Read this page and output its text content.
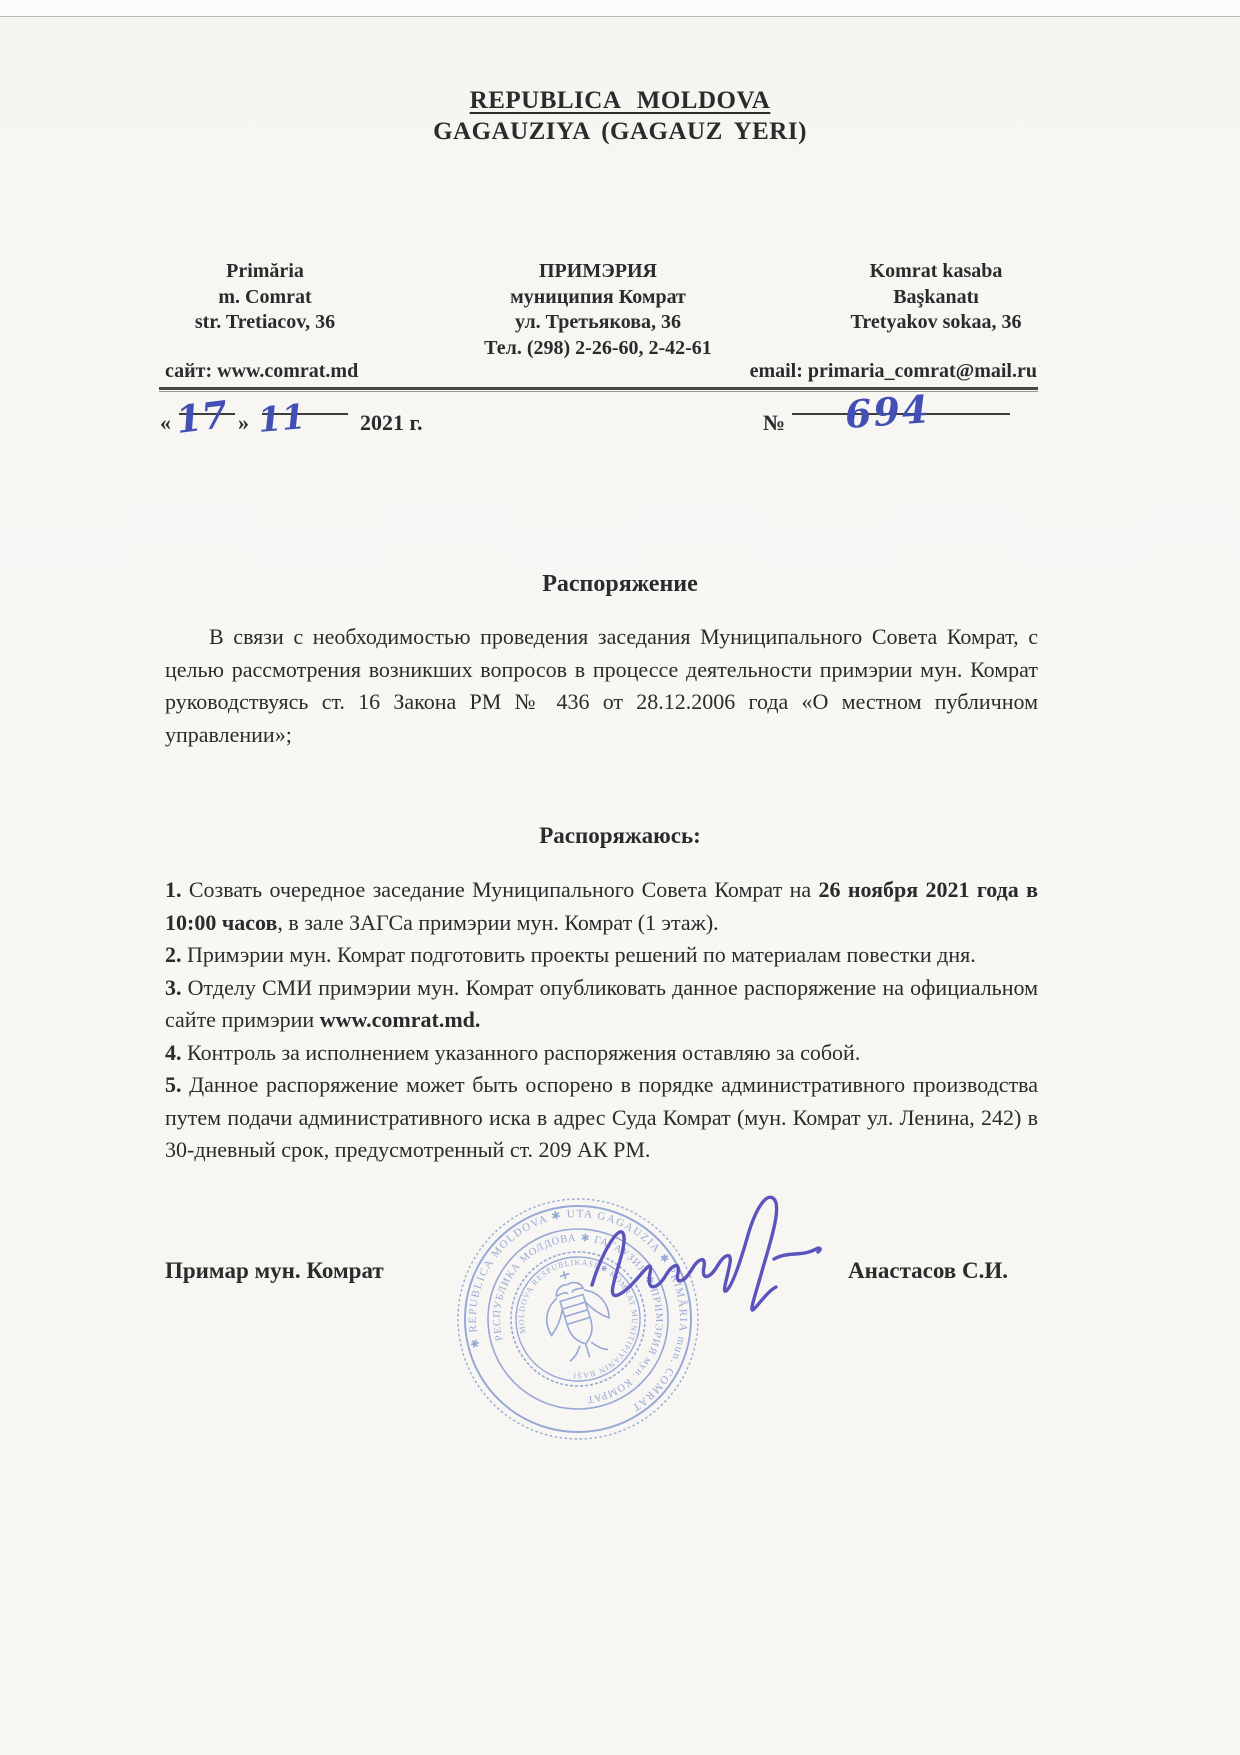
REPUBLICA MOLDOVA
GAGAUZIYA (GAGAUZ YERI)
Primăria
m. Comrat
str. Tretiacov, 36
ПРИМЭРИЯ
муниципия Комрат
ул. Третьякова, 36
Тел. (298) 2-26-60, 2-42-61
Komrat kasaba
Başkanatı
Tretyakov sokaa, 36
сайт: www.comrat.md	email: primaria_comrat@mail.ru
« 17 » 11 2021 г.	№ 694
Распоряжение
В связи с необходимостью проведения заседания Муниципального Совета Комрат, с целью рассмотрения возникших вопросов в процессе деятельности примэрии мун. Комрат руководствуясь ст. 16 Закона РМ № 436 от 28.12.2006 года «О местном публичном управлении»;
Распоряжаюсь:

1. Созвать очередное заседание Муниципального Совета Комрат на 26 ноября 2021 года в 10:00 часов, в зале ЗАГСа примэрии мун. Комрат (1 этаж).

2. Примэрии мун. Комрат подготовить проекты решений по материалам повестки дня.

3. Отделу СМИ примэрии мун. Комрат опубликовать данное распоряжение на официальном сайте примэрии www.comrat.md.

4. Контроль за исполнением указанного распоряжения оставляю за собой.

5. Данное распоряжение может быть оспорено в порядке административного производства путем подачи административного иска в адрес Суда Комрат (мун. Комрат ул. Ленина, 242) в 30-дневный срок, предусмотренный ст. 209 АК РМ.

Примар мун. Комрат	Анастасов С.И.
✱ REPUBLICA MOLDOVA ✱ UTA GAGAUZIA ✱ PRIMĂRIA mun. COMRAT
РЕСПУБЛИКА МОЛДОВА ✱ ГАГАУЗИЯ ✱ ПРИМЭРИЯ мун. КОМРАТ
MOLDOVA RESPUBLIKASI ✱ KOMRAT MUNITIPIYANIN BAŞI
